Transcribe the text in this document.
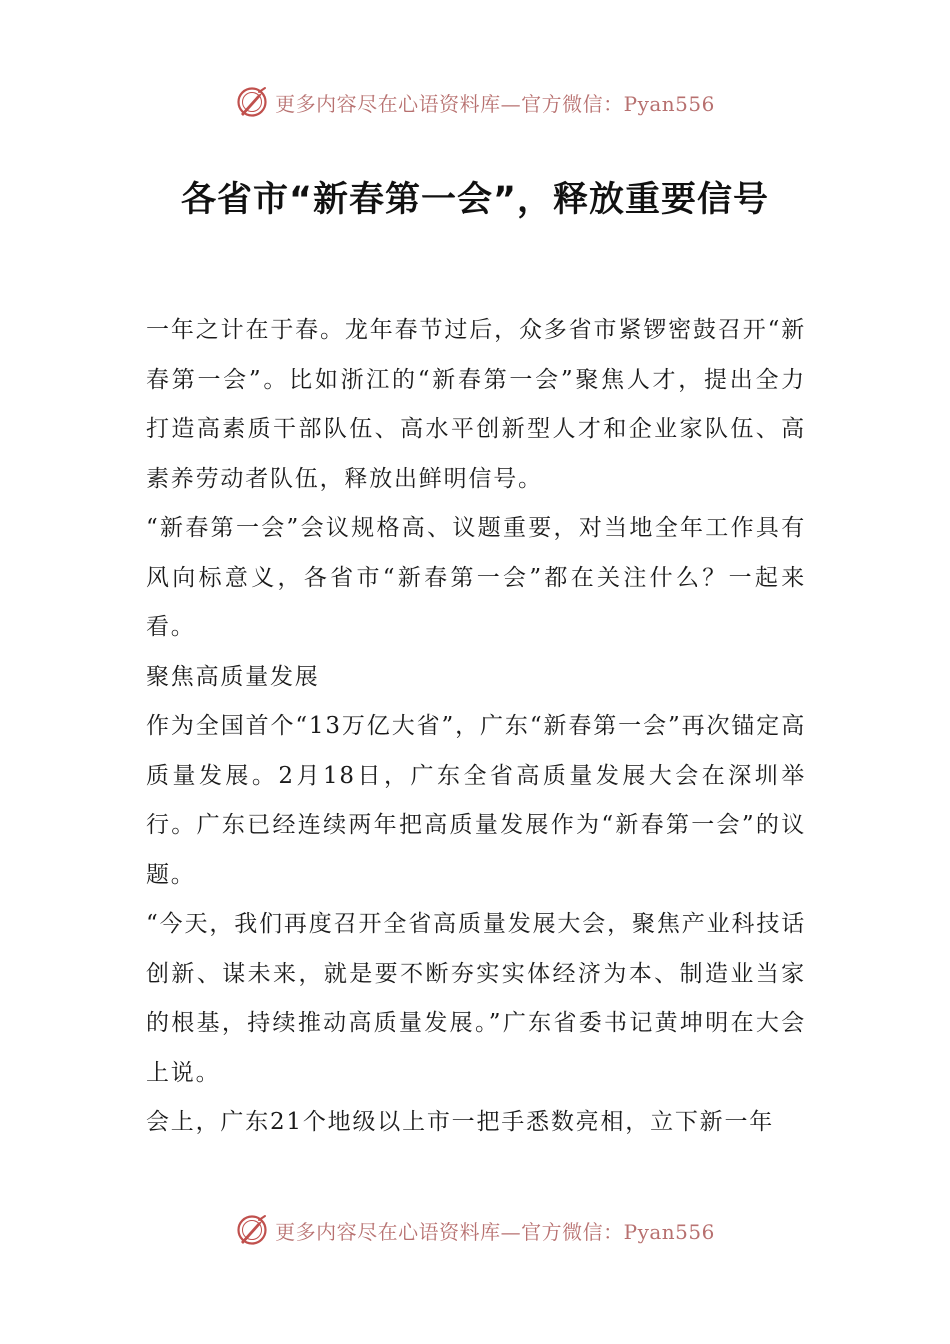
更多内容尽在心语资料库—官方微信：Pyan556
各省市“新春第一会”，释放重要信号

一年之计在于春。龙年春节过后，众多省市紧锣密鼓召开“新春第一会”。比如浙江的“新春第一会”聚焦人才，提出全力打造高素质干部队伍、高水平创新型人才和企业家队伍、高素养劳动者队伍，释放出鲜明信号。

“新春第一会”会议规格高、议题重要，对当地全年工作具有风向标意义，各省市“新春第一会”都在关注什么？一起来看。

聚焦高质量发展

作为全国首个“13万亿大省”，广东“新春第一会”再次锚定高质量发展。2月18日，广东全省高质量发展大会在深圳举行。广东已经连续两年把高质量发展作为“新春第一会”的议题。

“今天，我们再度召开全省高质量发展大会，聚焦产业科技话创新、谋未来，就是要不断夯实实体经济为本、制造业当家的根基，持续推动高质量发展。”广东省委书记黄坤明在大会上说。

会上，广东21个地级以上市一把手悉数亮相，立下新一年

更多内容尽在心语资料库—官方微信：Pyan556
